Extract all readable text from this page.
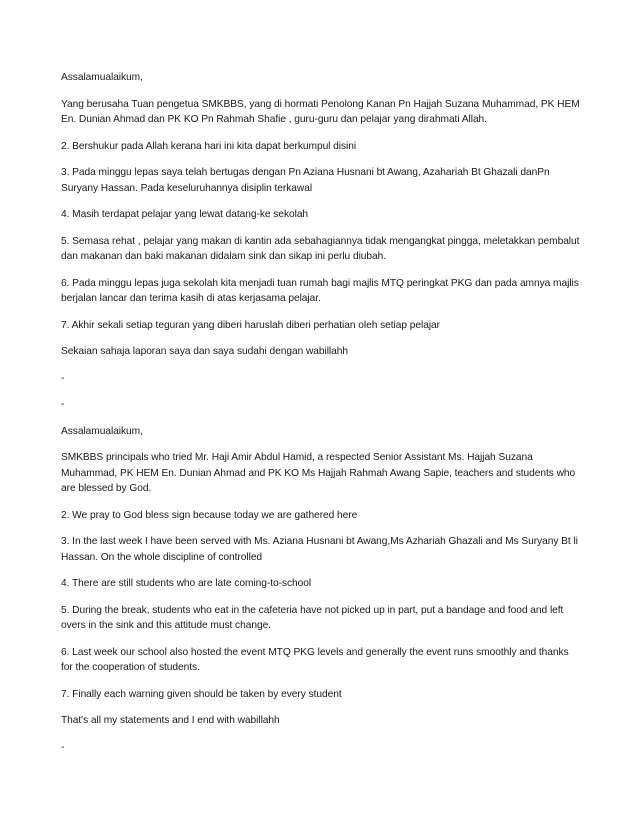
Assalamualaikum,

Yang berusaha Tuan pengetua SMKBBS, yang di hormati Penolong Kanan Pn Hajjah Suzana Muhammad, PK HEM En. Dunian Ahmad dan PK KO Pn Rahmah Shafie , guru-guru dan pelajar yang dirahmati Allah.

2. Bershukur pada Allah kerana hari ini kita dapat berkumpul disini

3. Pada minggu lepas saya telah bertugas dengan Pn Aziana Husnani bt Awang, Azahariah Bt Ghazali danPn Suryany Hassan. Pada keseluruhannya disiplin terkawal

4. Masih terdapat pelajar yang lewat datang-ke sekolah

5. Semasa rehat , pelajar yang makan di kantin ada sebahagiannya tidak mengangkat pingga, meletakkan pembalut dan makanan dan baki makanan didalam sink dan sikap ini perlu diubah.

6. Pada minggu lepas juga sekolah kita menjadi tuan rumah bagi majlis MTQ peringkat PKG dan pada amnya majlis berjalan lancar dan terima kasih di atas kerjasama pelajar.

7. Akhir sekali setiap teguran yang diberi haruslah diberi perhatian oleh setiap pelajar

Sekaian sahaja laporan saya dan saya sudahi dengan wabillahh

-

-

Assalamualaikum,

SMKBBS principals who tried Mr. Haji Amir Abdul Hamid, a respected Senior Assistant Ms. Hajjah Suzana Muhammad, PK HEM En. Dunian Ahmad and PK KO Ms Hajjah Rahmah Awang Sapie, teachers and students who are blessed by God.

2. We pray to God bless sign because today we are gathered here

3. In the last week I have been served with Ms. Aziana Husnani bt Awang,Ms Azhariah Ghazali and Ms Suryany Bt li Hassan. On the whole discipline of controlled

4. There are still students who are late coming-to-school

5. During the break, students who eat in the cafeteria have not picked up in part, put a bandage and food and left overs in the sink and this attitude must change.

6. Last week our school also hosted the event MTQ PKG levels and generally the event runs smoothly and thanks for the cooperation of students.

7. Finally each warning given should be taken by every student

That's all my statements and I end with wabillahh

-
